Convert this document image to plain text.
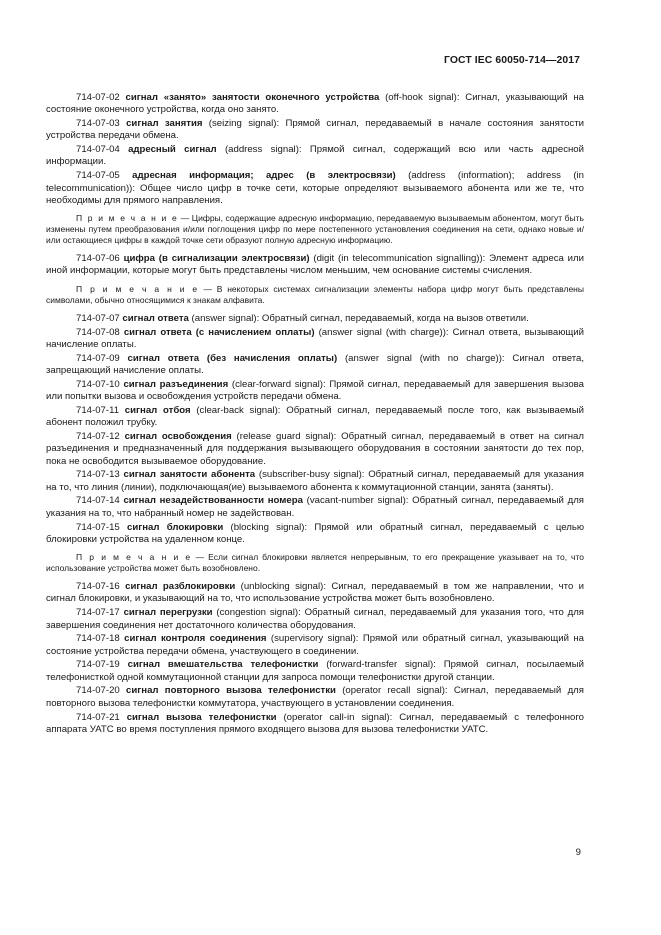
ГОСТ IEC 60050-714—2017

714-07-02 сигнал «занято» занятости оконечного устройства (off-hook signal): Сигнал, указывающий на состояние оконечного устройства, когда оно занято.

714-07-03 сигнал занятия (seizing signal): Прямой сигнал, передаваемый в начале состояния занятости устройства передачи обмена.

714-07-04 адресный сигнал (address signal): Прямой сигнал, содержащий всю или часть адресной информации.

714-07-05 адресная информация; адрес (в электросвязи) (address (information); address (in telecommunication)): Общее число цифр в точке сети, которые определяют вызываемого абонента или же те, что необходимы для прямого направления.

П р и м е ч а н и е — Цифры, содержащие адресную информацию, передаваемую вызываемым абонентом, могут быть изменены путем преобразования и/или поглощения цифр по мере постепенного установления соединения на сети, однако новые и/или остающиеся цифры в каждой точке сети образуют полную адресную информацию.

714-07-06 цифра (в сигнализации электросвязи) (digit (in telecommunication signalling)): Элемент адреса или иной информации, которые могут быть представлены числом меньшим, чем основание системы счисления.

П р и м е ч а н и е — В некоторых системах сигнализации элементы набора цифр могут быть представлены символами, обычно относящимися к знакам алфавита.

714-07-07 сигнал ответа (answer signal): Обратный сигнал, передаваемый, когда на вызов ответили.

714-07-08 сигнал ответа (с начислением оплаты) (answer signal (with charge)): Сигнал ответа, вызывающий начисление оплаты.

714-07-09 сигнал ответа (без начисления оплаты) (answer signal (with no charge)): Сигнал ответа, запрещающий начисление оплаты.

714-07-10 сигнал разъединения (clear-forward signal): Прямой сигнал, передаваемый для завершения вызова или попытки вызова и освобождения устройств передачи обмена.

714-07-11 сигнал отбоя (clear-back signal): Обратный сигнал, передаваемый после того, как вызываемый абонент положил трубку.

714-07-12 сигнал освобождения (release guard signal): Обратный сигнал, передаваемый в ответ на сигнал разъединения и предназначенный для поддержания вызывающего оборудования в состоянии занятости до тех пор, пока не освободится вызываемое оборудование.

714-07-13 сигнал занятости абонента (subscriber-busy signal): Обратный сигнал, передаваемый для указания на то, что линия (линии), подключающая(ие) вызываемого абонента к коммутационной станции, занята (заняты).

714-07-14 сигнал незадействованности номера (vacant-number signal): Обратный сигнал, передаваемый для указания на то, что набранный номер не задействован.

714-07-15 сигнал блокировки (blocking signal): Прямой или обратный сигнал, передаваемый с целью блокировки устройства на удаленном конце.

П р и м е ч а н и е — Если сигнал блокировки является непрерывным, то его прекращение указывает на то, что использование устройства может быть возобновлено.

714-07-16 сигнал разблокировки (unblocking signal): Сигнал, передаваемый в том же направлении, что и сигнал блокировки, и указывающий на то, что использование устройства может быть возобновлено.

714-07-17 сигнал перегрузки (congestion signal): Обратный сигнал, передаваемый для указания того, что для завершения соединения нет достаточного количества оборудования.

714-07-18 сигнал контроля соединения (supervisory signal): Прямой или обратный сигнал, указывающий на состояние устройства передачи обмена, участвующего в соединении.

714-07-19 сигнал вмешательства телефонистки (forward-transfer signal): Прямой сигнал, посылаемый телефонисткой одной коммутационной станции для запроса помощи телефонистки другой станции.

714-07-20 сигнал повторного вызова телефонистки (operator recall signal): Сигнал, передаваемый для повторного вызова телефонистки коммутатора, участвующего в установлении соединения.

714-07-21 сигнал вызова телефонистки (operator call-in signal): Сигнал, передаваемый с телефонного аппарата УАТС во время поступления прямого входящего вызова для вызова телефонистки УАТС.

9
